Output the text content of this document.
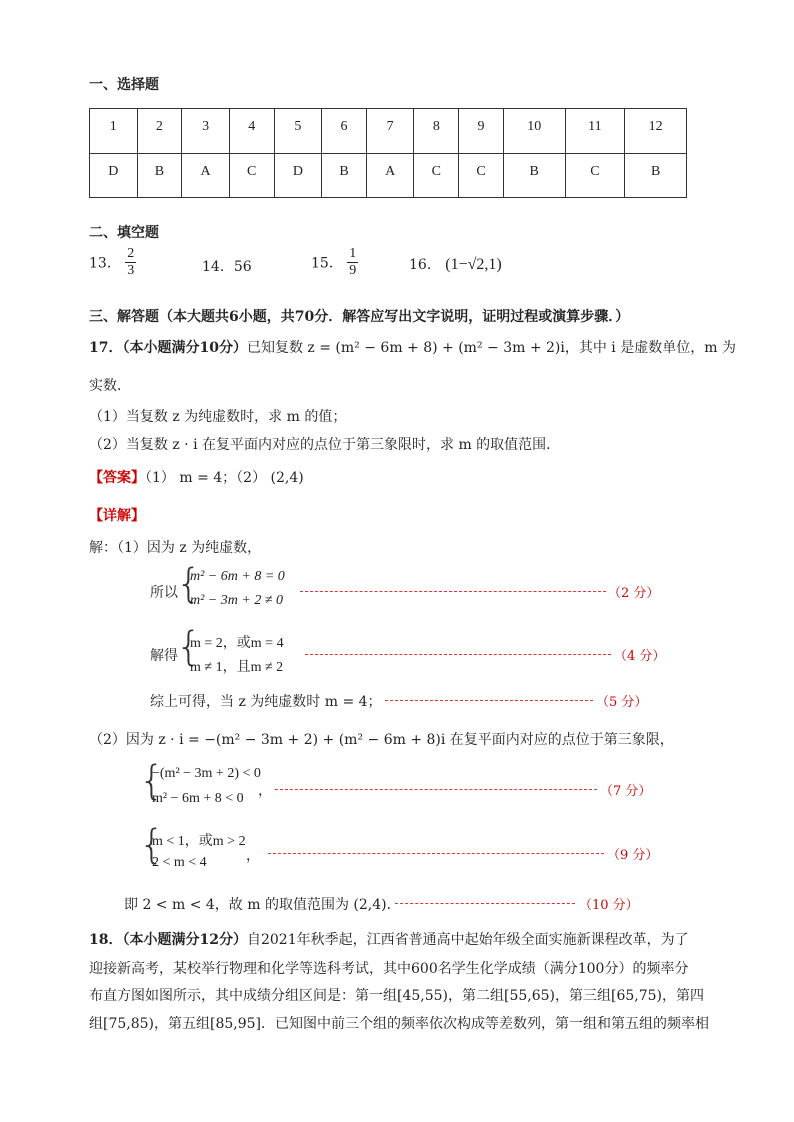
一、选择题
1	2	3	4	5	6	7	8	9	10	11	12
D	B	A	C	D	B	A	C	C	B	C	B
二、填空题
13． $\frac{2}{3}$	14．56	15． $\frac{1}{9}$	16． (1−√2,1)
三、解答题（本大题共6小题，共70分．解答应写出文字说明，证明过程或演算步骤．）
17．（本小题满分10分）已知复数 z = (m² − 6m + 8) + (m² − 3m + 2)i，其中 i 是虚数单位，m 为
实数．
（1）当复数 z 为纯虚数时，求 m 的值；
（2）当复数 z · i 在复平面内对应的点位于第三象限时，求 m 的取值范围．
【答案】（1） m = 4；（2） (2,4)
【详解】
解：（1）因为 z 为纯虚数，
所以
{
m² − 6m + 8 = 0
m² − 3m + 2 ≠ 0	（2 分）
解得
{
m = 2，或m = 4
m ≠ 1，且m ≠ 2
（4 分）
综上可得，当 z 为纯虚数时 m = 4；	（5 分）
（2）因为 z · i = −(m² − 3m + 2) + (m² − 6m + 8)i 在复平面内对应的点位于第三象限，
{
−(m² − 3m + 2) < 0
m² − 6m + 8 < 0 ，	（7 分）
{
m < 1，或m > 2
2 < m < 4	，	（9 分）
即 2 < m < 4，故 m 的取值范围为 (2,4)．	（10 分）
18．（本小题满分12分）自2021年秋季起，江西省普通高中起始年级全面实施新课程改革，为了
迎接新高考，某校举行物理和化学等选科考试，其中600名学生化学成绩（满分100分）的频率分
布直方图如图所示，其中成绩分组区间是：第一组[45,55)，第二组[55,65)，第三组[65,75)，第四
组[75,85)，第五组[85,95]．已知图中前三个组的频率依次构成等差数列，第一组和第五组的频率相
